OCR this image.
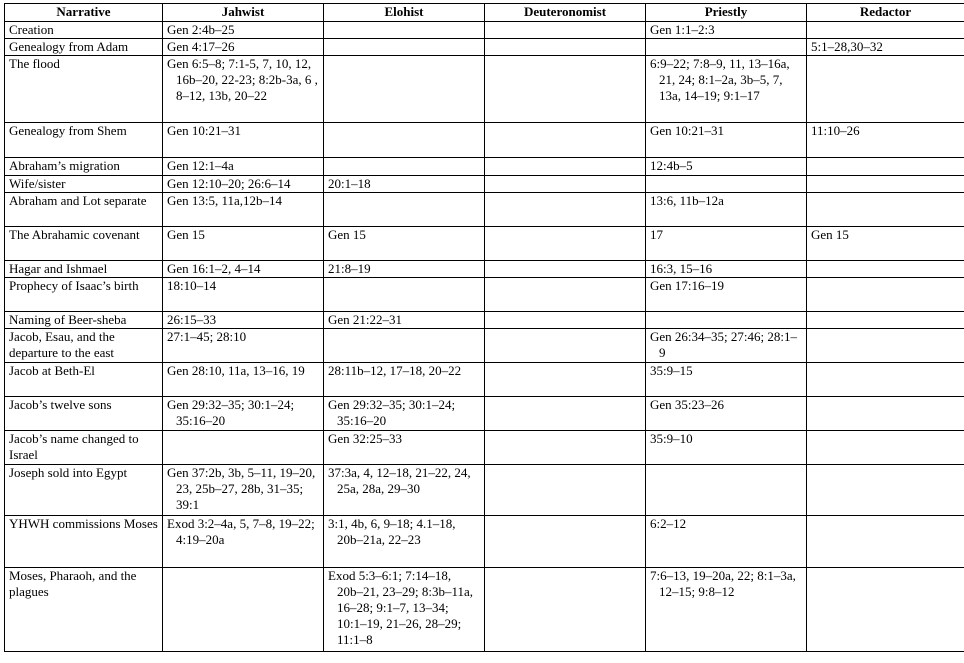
Narrative	Jahwist	Elohist	Deuteronomist	Priestly	Redactor
Creation	Gen 2:4b–25			Gen 1:1–2:3	
Genealogy from Adam	Gen 4:17–26				5:1–28,30–32
The flood	Gen 6:5–8; 7:1-5, 7, 10, 12, 16b–20, 22-23; 8:2b-3a, 6 , 8–12, 13b, 20–22			6:9–22; 7:8–9, 11, 13–16a, 21, 24; 8:1–2a, 3b–5, 7, 13a, 14–19; 9:1–17	

Genealogy from Shem	Gen 10:21–31			Gen 10:21–31	11:10–26
Abraham’s migration	Gen 12:1–4a			12:4b–5	
Wife/sister	Gen 12:10–20; 26:6–14	20:1–18			
Abraham and Lot separate	Gen 13:5, 11a,12b–14			13:6, 11b–12a	
The Abrahamic covenant	Gen 15	Gen 15		17	Gen 15
Hagar and Ishmael	Gen 16:1–2, 4–14	21:8–19		16:3, 15–16	
Prophecy of Isaac’s birth	18:10–14			Gen 17:16–19	
Naming of Beer-sheba	26:15–33	Gen 21:22–31			
Jacob, Esau, and the departure to the east	27:1–45; 28:10			Gen 26:34–35; 27:46; 28:1–9	

Jacob at Beth-El	Gen 28:10, 11a, 13–16, 19	28:11b–12, 17–18, 20–22		35:9–15	
Jacob’s twelve sons	Gen 29:32–35; 30:1–24; 35:16–20	Gen 29:32–35; 30:1–24; 35:16–20		Gen 35:23–26	
Jacob’s name changed to Israel		Gen 32:25–33		35:9–10	
Joseph sold into Egypt	Gen 37:2b, 3b, 5–11, 19–20, 23, 25b–27, 28b, 31–35; 39:1	37:3a, 4, 12–18, 21–22, 24, 25a, 28a, 29–30			

YHWH commissions Moses	Exod 3:2–4a, 5, 7–8, 19–22; 4:19–20a	3:1, 4b, 6, 9–18; 4.1–18, 20b–21a, 22–23		6:2–12	
Moses, Pharaoh, and the plagues		Exod 5:3–6:1; 7:14–18, 20b–21, 23–29; 8:3b–11a, 16–28; 9:1–7, 13–34; 10:1–19, 21–26, 28–29; 11:1–8		7:6–13, 19–20a, 22; 8:1–3a, 12–15; 9:8–12	
